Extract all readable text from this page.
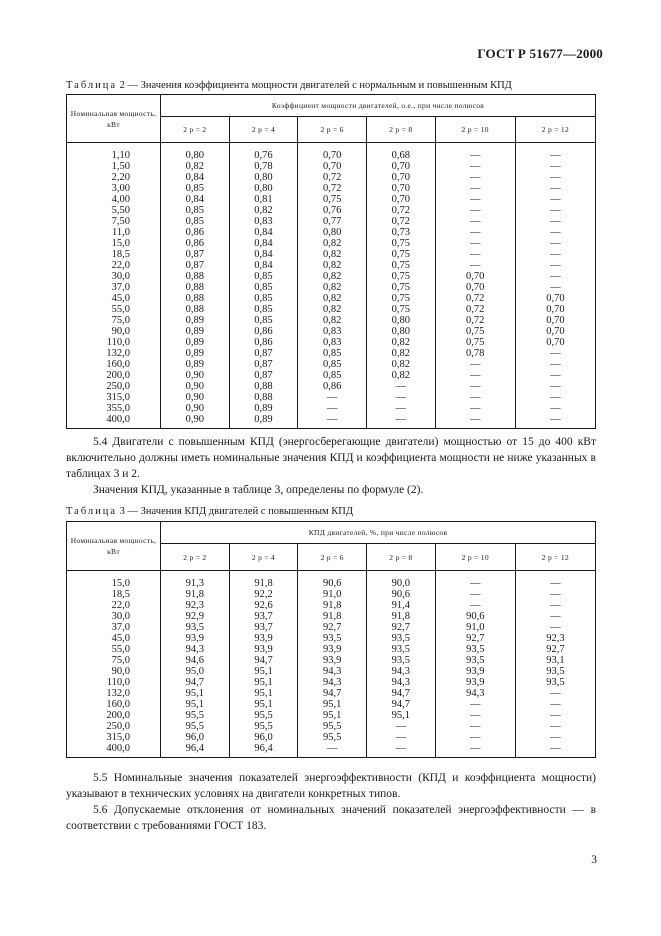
ГОСТ Р 51677—2000
Таблица 2 — Значения коэффициента мощности двигателей с нормальным и повышенным КПД
Номинальная мощность, кВт	Коэффициент мощности двигателей, о.е., при числе полюсов					
	2 р = 2	2 р = 4	2 р = 6	2 р = 8	2 р = 10	2 р = 12
1,10	0,80	0,76	0,70	0,68	—	—
1,50	0,82	0,78	0,70	0,70	—	—
2,20	0,84	0,80	0,72	0,70	—	—
3,00	0,85	0,80	0,72	0,70	—	—
4,00	0,84	0,81	0,75	0,70	—	—
5,50	0,85	0,82	0,76	0,72	—	—
7,50	0,85	0,83	0,77	0,72	—	—
11,0	0,86	0,84	0,80	0,73	—	—
15,0	0,86	0,84	0,82	0,75	—	—
18,5	0,87	0,84	0,82	0,75	—	—
22,0	0,87	0,84	0,82	0,75	—	—
30,0	0,88	0,85	0,82	0,75	0,70	—
37,0	0,88	0,85	0,82	0,75	0,70	—
45,0	0,88	0,85	0,82	0,75	0,72	0,70
55,0	0,88	0,85	0,82	0,75	0,72	0,70
75,0	0,89	0,85	0,82	0,80	0,72	0,70
90,0	0,89	0,86	0,83	0,80	0,75	0,70
110,0	0,89	0,86	0,83	0,82	0,75	0,70
132,0	0,89	0,87	0,85	0,82	0,78	—
160,0	0,89	0,87	0,85	0,82	—	—
200,0	0,90	0,87	0,85	0,82	—	—
250,0	0,90	0,88	0,86	—	—	—
315,0	0,90	0,88	—	—	—	—
355,0	0,90	0,89	—	—	—	—
400,0	0,90	0,89	—	—	—	—
5.4 Двигатели с повышенным КПД (энергосберегающие двигатели) мощностью от 15 до 400 кВт включительно должны иметь номинальные значения КПД и коэффициента мощности не ниже указанных в таблицах 3 и 2.
Значения КПД, указанные в таблице 3, определены по формуле (2).
Таблица 3 — Значения КПД двигателей с повышенным КПД
Номинальная мощность, кВт	КПД двигателей, %, при числе полюсов					
	2 р = 2	2 р = 4	2 р = 6	2 р = 8	2 р = 10	2 р = 12
15,0	91,3	91,8	90,6	90,0	—	—
18,5	91,8	92,2	91,0	90,6	—	—
22,0	92,3	92,6	91,8	91,4	—	—
30,0	92,9	93,7	91,8	91,8	90,6	—
37,0	93,5	93,7	92,7	92,7	91,0	—
45,0	93,9	93,9	93,5	93,5	92,7	92,3
55,0	94,3	93,9	93,9	93,5	93,5	92,7
75,0	94,6	94,7	93,9	93,5	93,5	93,1
90,0	95,0	95,1	94,3	94,3	93,9	93,5
110,0	94,7	95,1	94,3	94,3	93,9	93,5
132,0	95,1	95,1	94,7	94,7	94,3	—
160,0	95,1	95,1	95,1	94,7	—	—
200,0	95,5	95,5	95,1	95,1	—	—
250,0	95,5	95,5	95,5	—	—	—
315,0	96,0	96,0	95,5	—	—	—
400,0	96,4	96,4	—	—	—	—
5.5 Номинальные значения показателей энергоэффективности (КПД и коэффициента мощности) указывают в технических условиях на двигатели конкретных типов.
5.6 Допускаемые отклонения от номинальных значений показателей энергоэффективности — в соответствии с требованиями ГОСТ 183.
3
